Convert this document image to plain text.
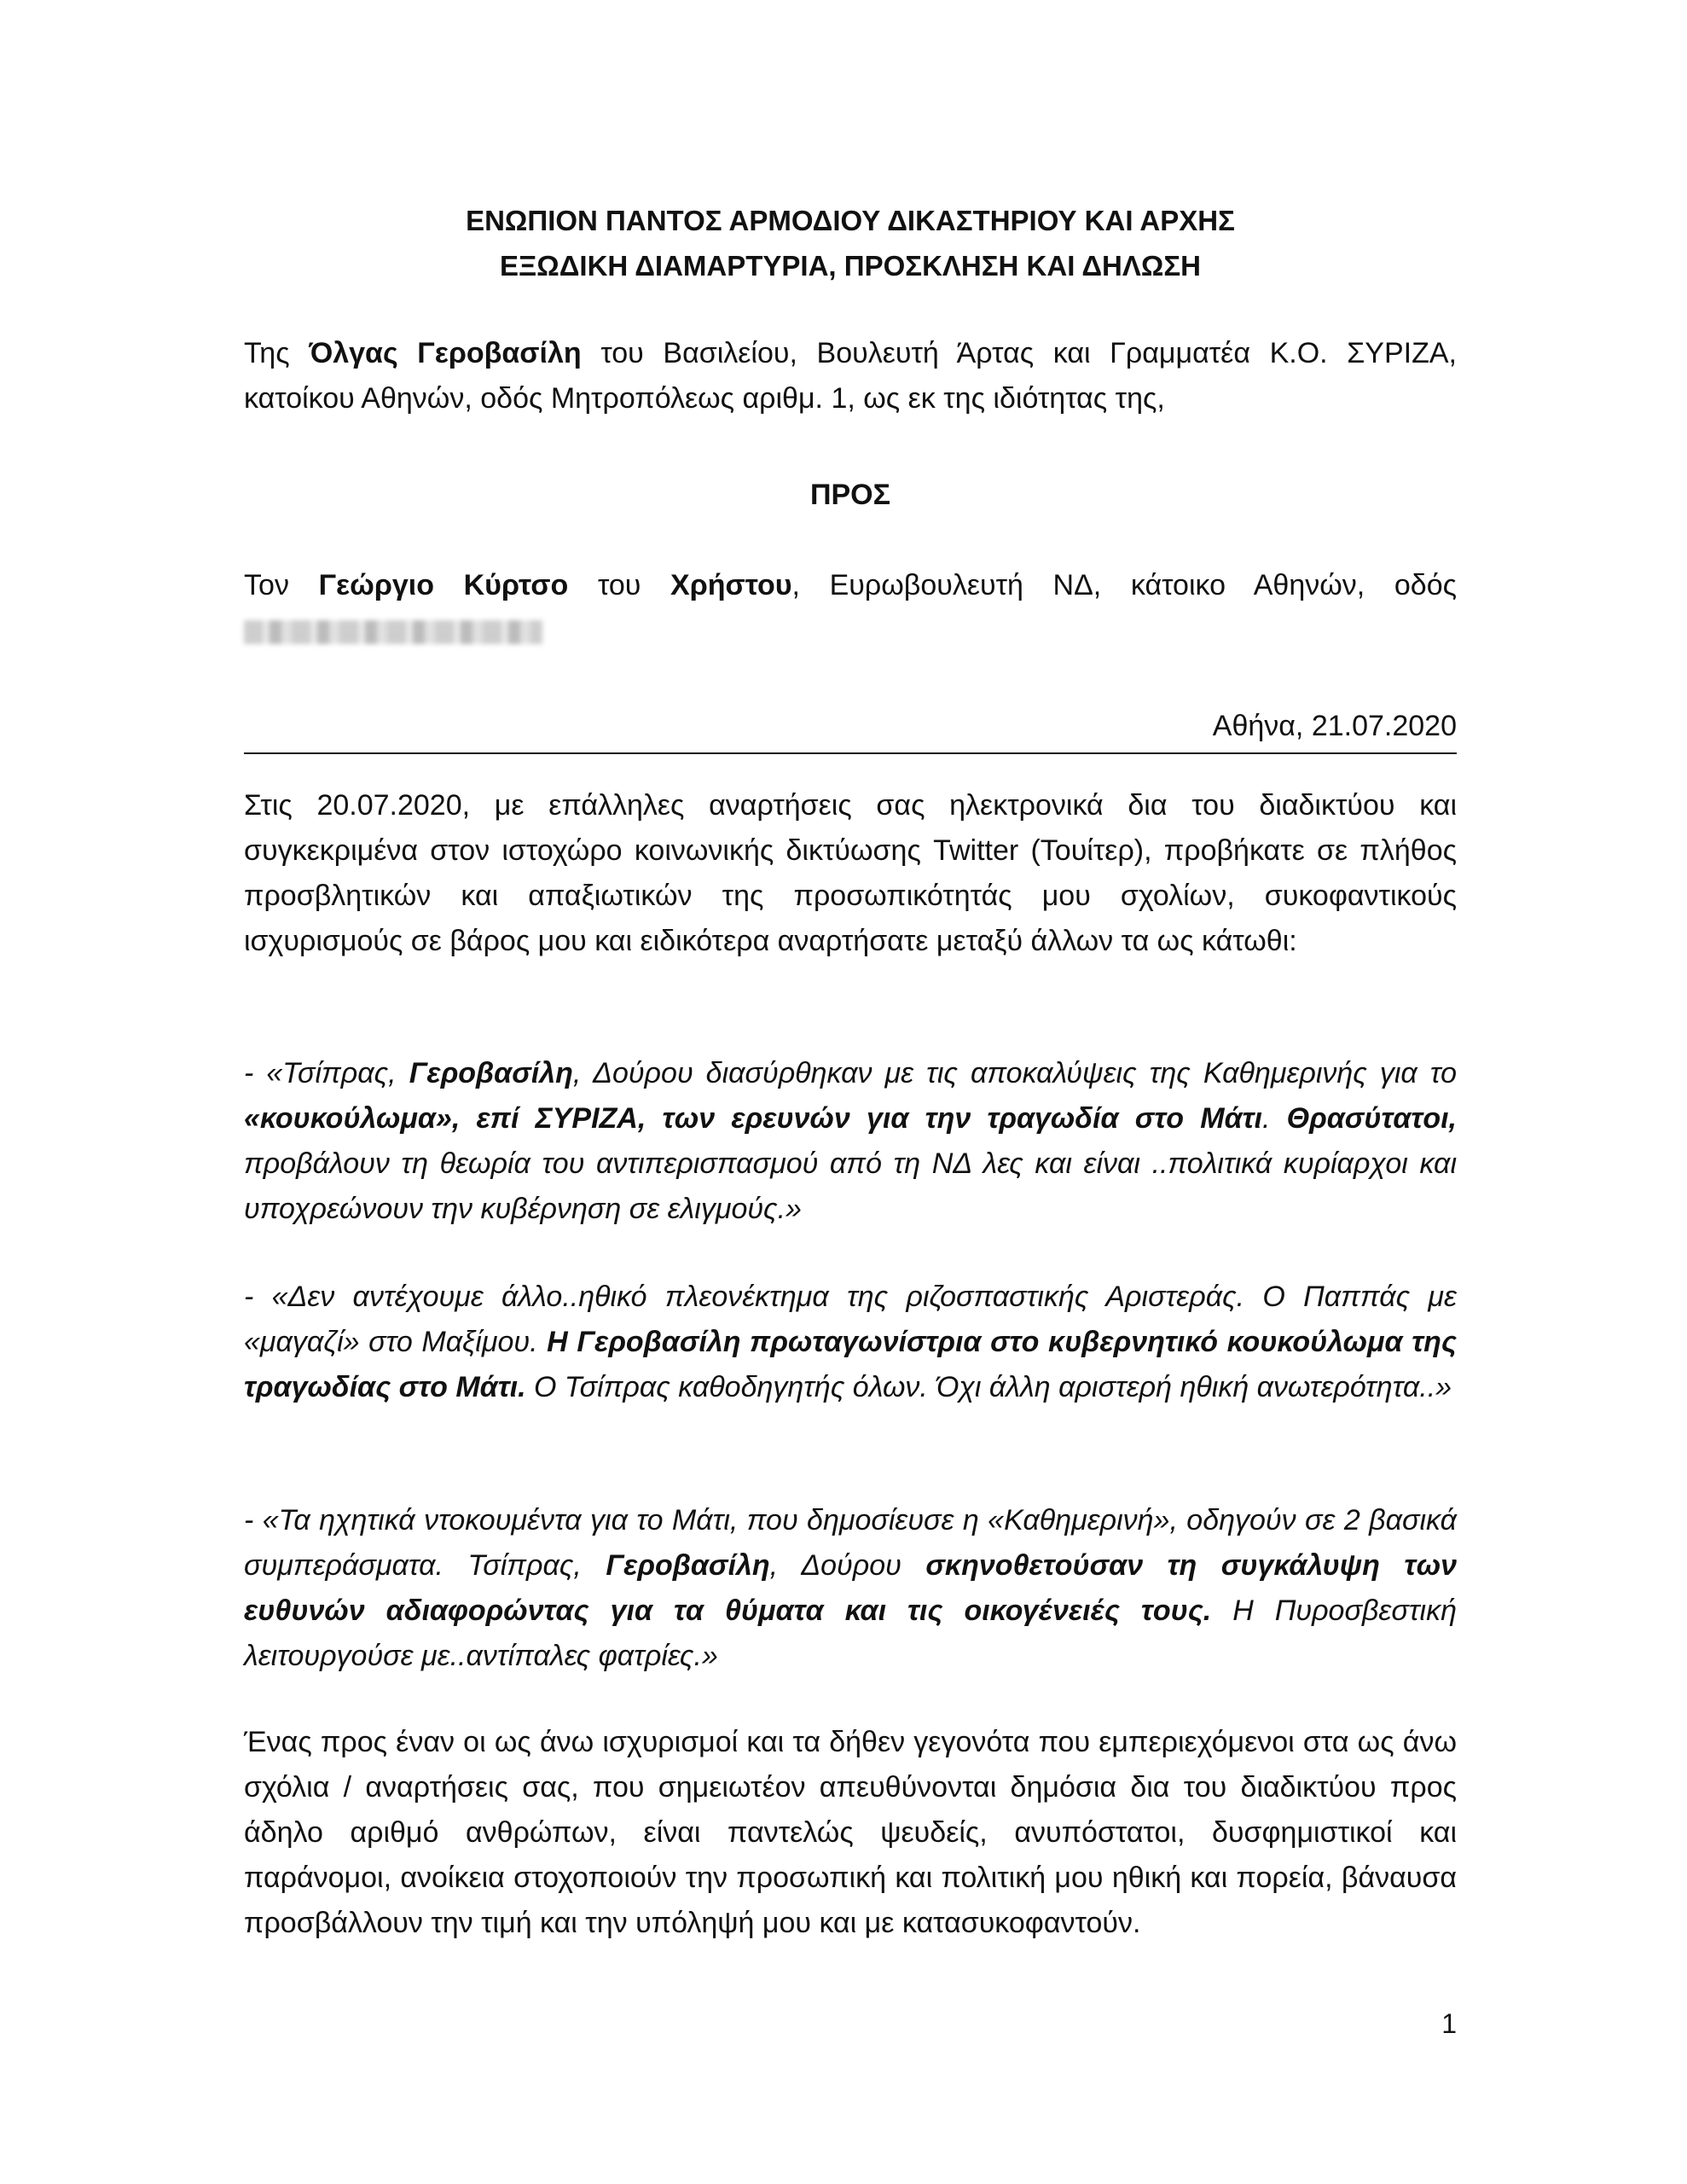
ΕΝΩΠΙΟΝ ΠΑΝΤΟΣ ΑΡΜΟΔΙΟΥ ΔΙΚΑΣΤΗΡΙΟΥ ΚΑΙ ΑΡΧΗΣ
ΕΞΩΔΙΚΗ ΔΙΑΜΑΡΤΥΡΙΑ, ΠΡΟΣΚΛΗΣΗ ΚΑΙ ΔΗΛΩΣΗ

Της Όλγας Γεροβασίλη του Βασιλείου, Βουλευτή Άρτας και Γραμματέα Κ.Ο. ΣΥΡΙΖΑ, κατοίκου Αθηνών, οδός Μητροπόλεως αριθμ. 1, ως εκ της ιδιότητας της,

ΠΡΟΣ

Τον Γεώργιο Κύρτσο του Χρήστου, Ευρωβουλευτή ΝΔ, κάτοικο Αθηνών, οδός

Αθήνα, 21.07.2020

Στις 20.07.2020, με επάλληλες αναρτήσεις σας ηλεκτρονικά δια του διαδικτύου και συγκεκριμένα στον ιστοχώρο κοινωνικής δικτύωσης Twitter (Τουίτερ), προβήκατε σε πλήθος προσβλητικών και απαξιωτικών της προσωπικότητάς μου σχολίων, συκοφαντικούς ισχυρισμούς σε βάρος μου και ειδικότερα αναρτήσατε μεταξύ άλλων τα ως κάτωθι:

- «Τσίπρας, Γεροβασίλη, Δούρου διασύρθηκαν με τις αποκαλύψεις της Καθημερινής για το «κουκούλωμα», επί ΣΥΡΙΖΑ, των ερευνών για την τραγωδία στο Μάτι. Θρασύτατοι, προβάλουν τη θεωρία του αντιπερισπασμού από τη ΝΔ λες και είναι ..πολιτικά κυρίαρχοι και υποχρεώνουν την κυβέρνηση σε ελιγμούς.»

- «Δεν αντέχουμε άλλο..ηθικό πλεονέκτημα της ριζοσπαστικής Αριστεράς. Ο Παππάς με «μαγαζί» στο Μαξίμου. Η Γεροβασίλη πρωταγωνίστρια στο κυβερνητικό κουκούλωμα της τραγωδίας στο Μάτι. Ο Τσίπρας καθοδηγητής όλων. Όχι άλλη αριστερή ηθική ανωτερότητα..»

- «Τα ηχητικά ντοκουμέντα για το Μάτι, που δημοσίευσε η «Καθημερινή», οδηγούν σε 2 βασικά συμπεράσματα. Τσίπρας, Γεροβασίλη, Δούρου σκηνοθετούσαν τη συγκάλυψη των ευθυνών αδιαφορώντας για τα θύματα και τις οικογένειές τους. Η Πυροσβεστική λειτουργούσε με..αντίπαλες φατρίες.»

Ένας προς έναν οι ως άνω ισχυρισμοί και τα δήθεν γεγονότα που εμπεριεχόμενοι στα ως άνω σχόλια / αναρτήσεις σας, που σημειωτέον απευθύνονται δημόσια δια του διαδικτύου προς άδηλο αριθμό ανθρώπων, είναι παντελώς ψευδείς, ανυπόστατοι, δυσφημιστικοί και παράνομοι, ανοίκεια στοχοποιούν την προσωπική και πολιτική μου ηθική και πορεία, βάναυσα προσβάλλουν την τιμή και την υπόληψή μου και με κατασυκοφαντούν.

1
